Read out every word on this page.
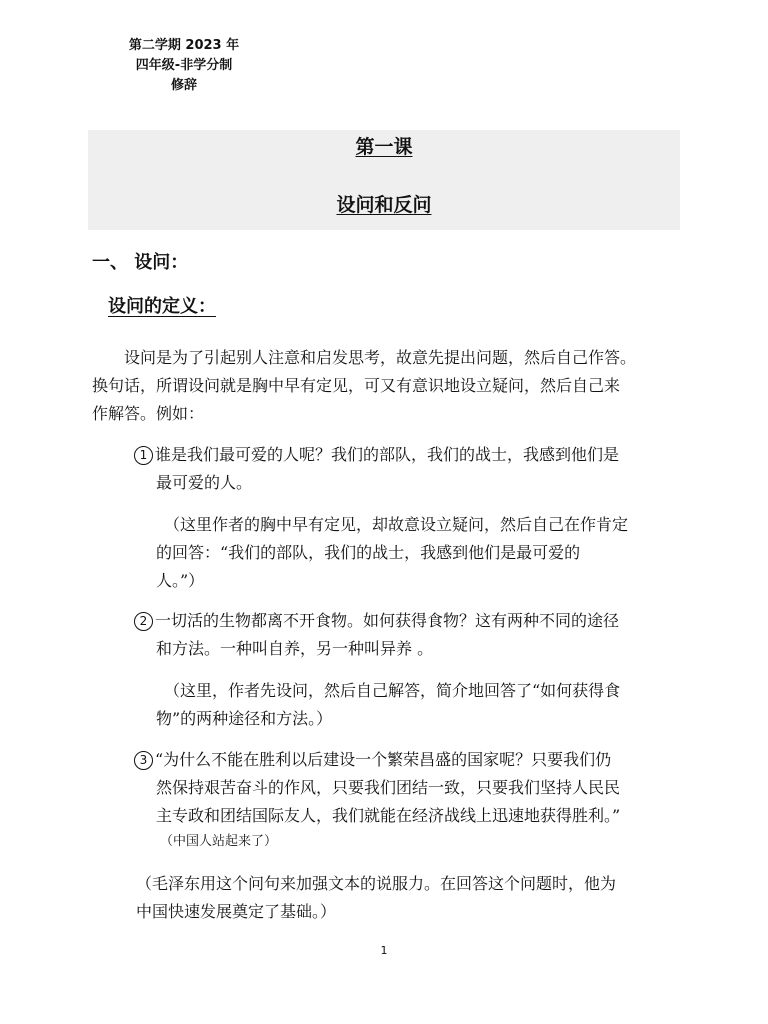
第二学期 2023 年
四年级-非学分制
修辞
第一课
设问和反问
一、 设问：
设问的定义：
设问是为了引起别人注意和启发思考，故意先提出问题，然后自己作答。
换句话，所谓设问就是胸中早有定见，可又有意识地设立疑问，然后自己来
作解答。例如：
1 谁是我们最可爱的人呢？我们的部队，我们的战士，我感到他们是
最可爱的人。
（这里作者的胸中早有定见，却故意设立疑问，然后自己在作肯定
的回答：“我们的部队，我们的战士，我感到他们是最可爱的
人。”）
2 一切活的生物都离不开食物。如何获得食物？这有两种不同的途径
和方法。一种叫自养，另一种叫异养 。
（这里，作者先设问，然后自己解答，简介地回答了“如何获得食
物”的两种途径和方法。）
3 “为什么不能在胜利以后建设一个繁荣昌盛的国家呢？只要我们仍
然保持艰苦奋斗的作风，只要我们团结一致，只要我们坚持人民民
主专政和团结国际友人，我们就能在经济战线上迅速地获得胜利。”
（中国人站起来了）
（毛泽东用这个问句来加强文本的说服力。在回答这个问题时，他为
中国快速发展奠定了基础。）
1
